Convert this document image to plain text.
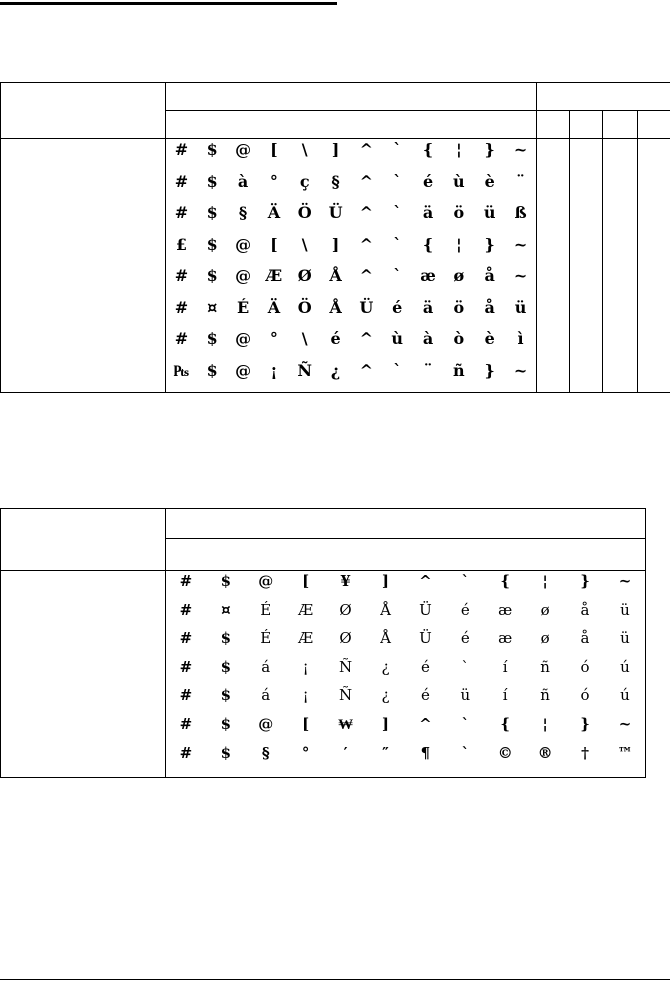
#	$	@	[	\	]	^	`	{	¦	}	~
#	$	à	°	ç	§	^	`	é	ù	è	¨
#	$	§	Ä	Ö	Ü	^	`	ä	ö	ü	ß
£	$	@	[	\	]	^	`	{	¦	}	~
#	$	@	Æ	Ø	Å	^	`	æ	ø	å	~
#	¤	É	Ä	Ö	Å	Ü	é	ä	ö	å	ü
#	$	@	°	\	é	^	ù	à	ò	è	ì
₧	$	@	¡	Ñ	¿	^	`	¨	ñ	}	~

#	$	@	[	¥	]	^	`	{	¦	}	~
#	¤	É	Æ	Ø	Å	Ü	é	æ	ø	å	ü
#	$	É	Æ	Ø	Å	Ü	é	æ	ø	å	ü
#	$	á	¡	Ñ	¿	é	`	í	ñ	ó	ú
#	$	á	¡	Ñ	¿	é	ü	í	ñ	ó	ú
#	$	@	[	₩	]	^	`	{	¦	}	~
#	$	§	°	′	″	¶	`	©	®	†	™
